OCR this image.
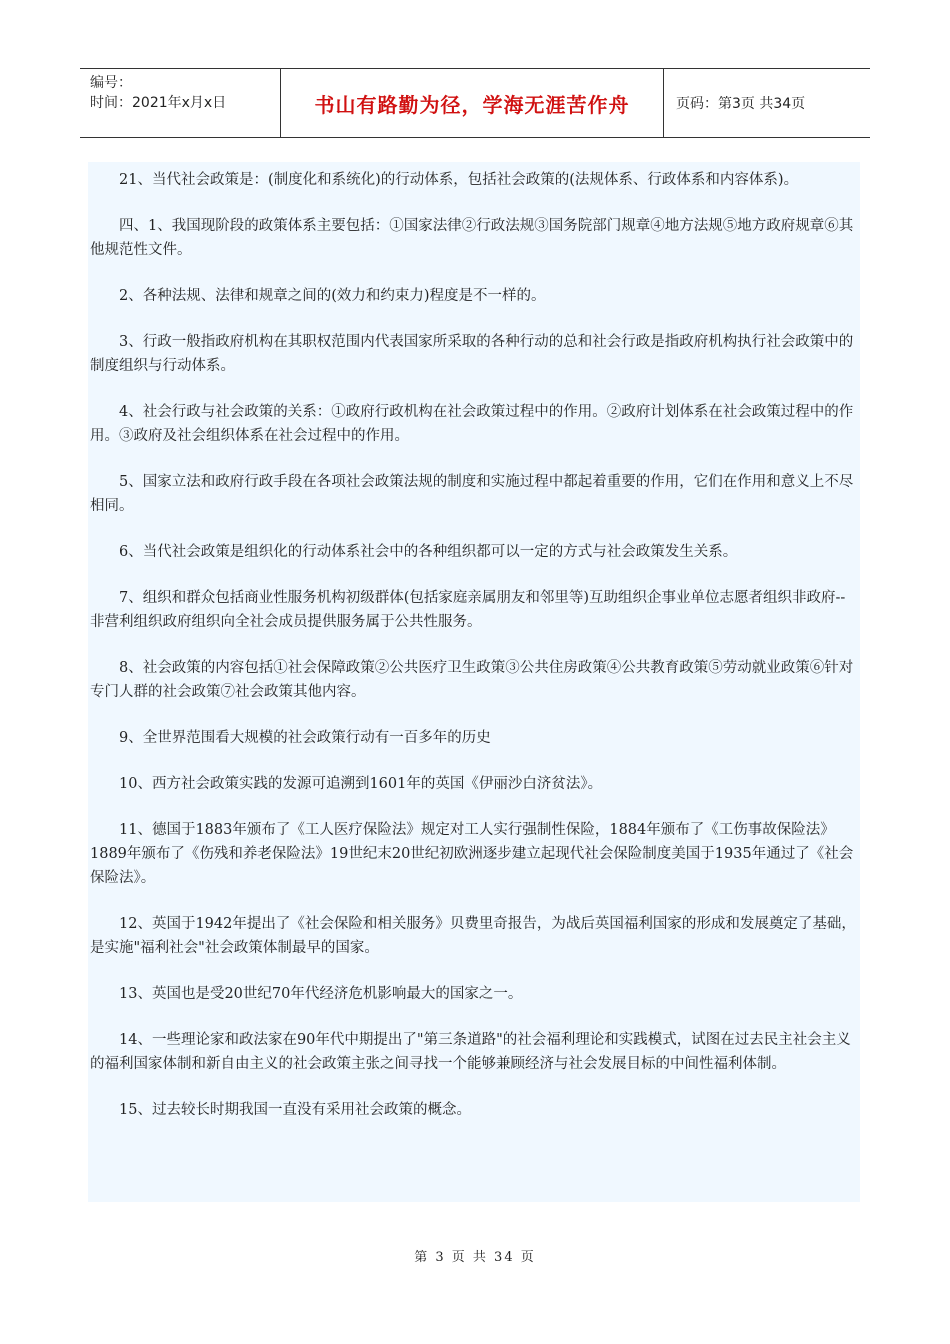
编号：
时间：2021年x月x日	书山有路勤为径，学海无涯苦作舟	页码：第3页 共34页

21、当代社会政策是：(制度化和系统化)的行动体系，包括社会政策的(法规体系、行政体系和内容体系)。

四、1、我国现阶段的政策体系主要包括：①国家法律②行政法规③国务院部门规章④地方法规⑤地方政府规章⑥其他规范性文件。

2、各种法规、法律和规章之间的(效力和约束力)程度是不一样的。

3、行政一般指政府机构在其职权范围内代表国家所采取的各种行动的总和社会行政是指政府机构执行社会政策中的制度组织与行动体系。

4、社会行政与社会政策的关系：①政府行政机构在社会政策过程中的作用。②政府计划体系在社会政策过程中的作用。③政府及社会组织体系在社会过程中的作用。

5、国家立法和政府行政手段在各项社会政策法规的制度和实施过程中都起着重要的作用，它们在作用和意义上不尽相同。

6、当代社会政策是组织化的行动体系社会中的各种组织都可以一定的方式与社会政策发生关系。

7、组织和群众包括商业性服务机构初级群体(包括家庭亲属朋友和邻里等)互助组织企事业单位志愿者组织非政府--非营利组织政府组织向全社会成员提供服务属于公共性服务。

8、社会政策的内容包括①社会保障政策②公共医疗卫生政策③公共住房政策④公共教育政策⑤劳动就业政策⑥针对专门人群的社会政策⑦社会政策其他内容。

9、全世界范围看大规模的社会政策行动有一百多年的历史

10、西方社会政策实践的发源可追溯到1601年的英国《伊丽沙白济贫法》。

11、德国于1883年颁布了《工人医疗保险法》规定对工人实行强制性保险，1884年颁布了《工伤事故保险法》1889年颁布了《伤残和养老保险法》19世纪末20世纪初欧洲逐步建立起现代社会保险制度美国于1935年通过了《社会保险法》。

12、英国于1942年提出了《社会保险和相关服务》贝费里奇报告，为战后英国福利国家的形成和发展奠定了基础，是实施"福利社会"社会政策体制最早的国家。

13、英国也是受20世纪70年代经济危机影响最大的国家之一。

14、一些理论家和政法家在90年代中期提出了"第三条道路"的社会福利理论和实践模式，试图在过去民主社会主义的福利国家体制和新自由主义的社会政策主张之间寻找一个能够兼顾经济与社会发展目标的中间性福利体制。

15、过去较长时期我国一直没有采用社会政策的概念。

第 3 页 共 34 页
